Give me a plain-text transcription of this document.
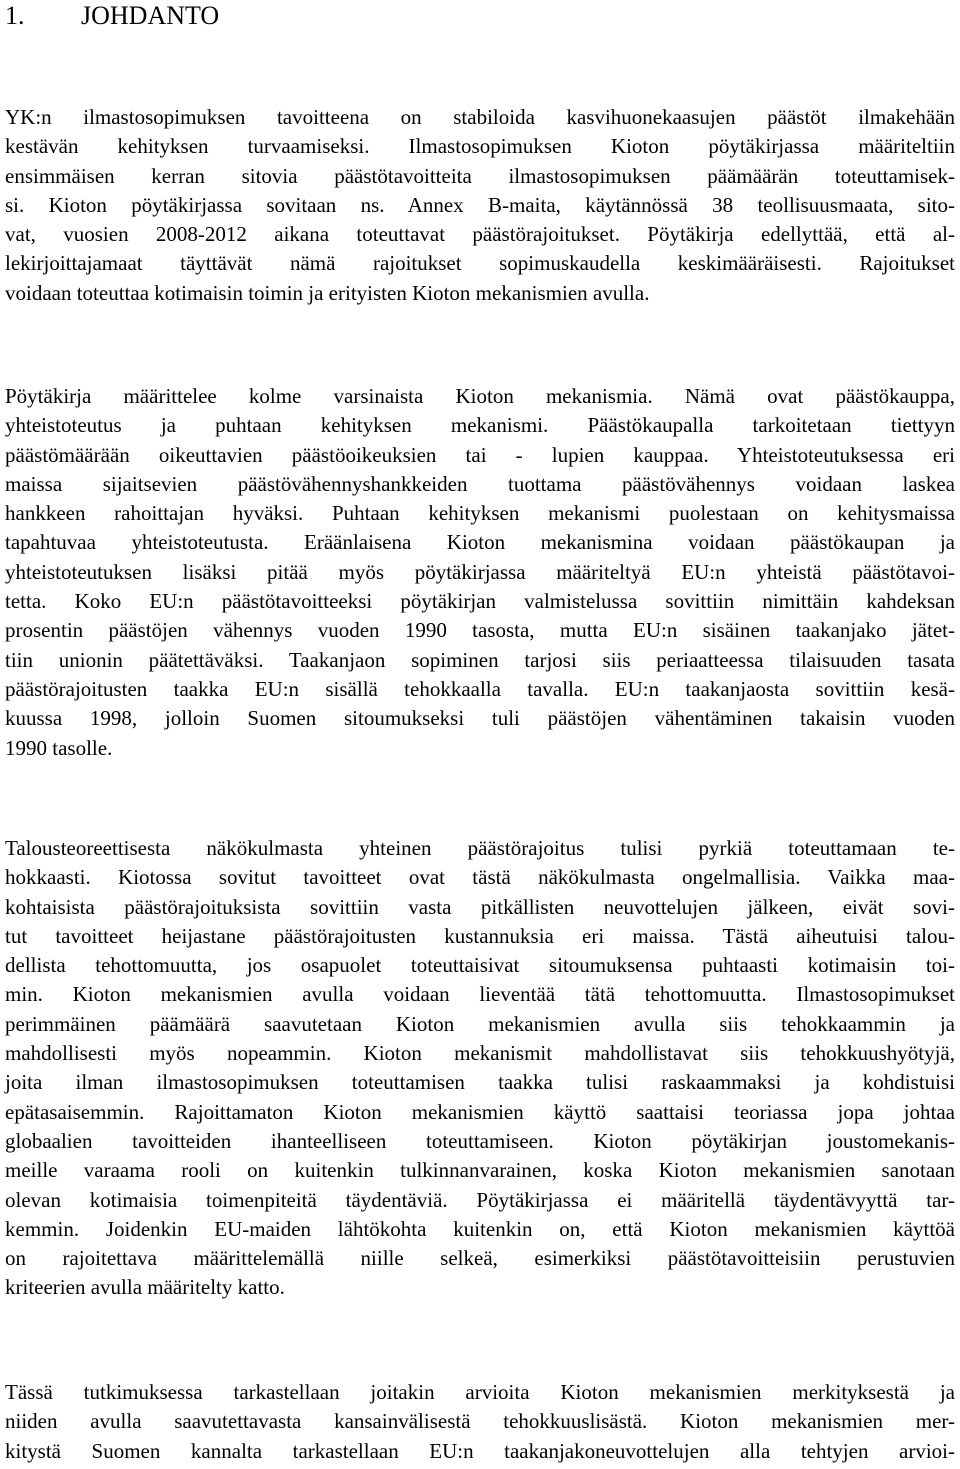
1. JOHDANTO
YK:n ilmastosopimuksen tavoitteena on stabiloida kasvihuonekaasujen päästöt ilmakehään
kestävän kehityksen turvaamiseksi. Ilmastosopimuksen Kioton pöytäkirjassa määriteltiin
ensimmäisen kerran sitovia päästötavoitteita ilmastosopimuksen päämäärän toteuttamisek-
si. Kioton pöytäkirjassa sovitaan ns. Annex B-maita, käytännössä 38 teollisuusmaata, sito-
vat, vuosien 2008-2012 aikana toteuttavat päästörajoitukset. Pöytäkirja edellyttää, että al-
lekirjoittajamaat täyttävät nämä rajoitukset sopimuskaudella keskimääräisesti. Rajoitukset
voidaan toteuttaa kotimaisin toimin ja erityisten Kioton mekanismien avulla.
Pöytäkirja määrittelee kolme varsinaista Kioton mekanismia. Nämä ovat päästökauppa,
yhteistoteutus ja puhtaan kehityksen mekanismi. Päästökaupalla tarkoitetaan tiettyyn
päästömäärään oikeuttavien päästöoikeuksien tai - lupien kauppaa. Yhteistoteutuksessa eri
maissa sijaitsevien päästövähennyshankkeiden tuottama päästövähennys voidaan laskea
hankkeen rahoittajan hyväksi. Puhtaan kehityksen mekanismi puolestaan on kehitysmaissa
tapahtuvaa yhteistoteutusta. Eräänlaisena Kioton mekanismina voidaan päästökaupan ja
yhteistoteutuksen lisäksi pitää myös pöytäkirjassa määriteltyä EU:n yhteistä päästötavoi-
tetta. Koko EU:n päästötavoitteeksi pöytäkirjan valmistelussa sovittiin nimittäin kahdeksan
prosentin päästöjen vähennys vuoden 1990 tasosta, mutta EU:n sisäinen taakanjako jätet-
tiin unionin päätettäväksi. Taakanjaon sopiminen tarjosi siis periaatteessa tilaisuuden tasata
päästörajoitusten taakka EU:n sisällä tehokkaalla tavalla. EU:n taakanjaosta sovittiin kesä-
kuussa 1998, jolloin Suomen sitoumukseksi tuli päästöjen vähentäminen takaisin vuoden
1990 tasolle.
Talousteoreettisesta näkökulmasta yhteinen päästörajoitus tulisi pyrkiä toteuttamaan te-
hokkaasti. Kiotossa sovitut tavoitteet ovat tästä näkökulmasta ongelmallisia. Vaikka maa-
kohtaisista päästörajoituksista sovittiin vasta pitkällisten neuvottelujen jälkeen, eivät sovi-
tut tavoitteet heijastane päästörajoitusten kustannuksia eri maissa. Tästä aiheutuisi talou-
dellista tehottomuutta, jos osapuolet toteuttaisivat sitoumuksensa puhtaasti kotimaisin toi-
min. Kioton mekanismien avulla voidaan lieventää tätä tehottomuutta. Ilmastosopimukset
perimmäinen päämäärä saavutetaan Kioton mekanismien avulla siis tehokkaammin ja
mahdollisesti myös nopeammin. Kioton mekanismit mahdollistavat siis tehokkuushyötyjä,
joita ilman ilmastosopimuksen toteuttamisen taakka tulisi raskaammaksi ja kohdistuisi
epätasaisemmin. Rajoittamaton Kioton mekanismien käyttö saattaisi teoriassa jopa johtaa
globaalien tavoitteiden ihanteelliseen toteuttamiseen. Kioton pöytäkirjan joustomekanis-
meille varaama rooli on kuitenkin tulkinnanvarainen, koska Kioton mekanismien sanotaan
olevan kotimaisia toimenpiteitä täydentäviä. Pöytäkirjassa ei määritellä täydentävyyttä tar-
kemmin. Joidenkin EU-maiden lähtökohta kuitenkin on, että Kioton mekanismien käyttöä
on rajoitettava määrittelemällä niille selkeä, esimerkiksi päästötavoitteisiin perustuvien
kriteerien avulla määritelty katto.
Tässä tutkimuksessa tarkastellaan joitakin arvioita Kioton mekanismien merkityksestä ja
niiden avulla saavutettavasta kansainvälisestä tehokkuuslisästä. Kioton mekanismien mer-
kitystä Suomen kannalta tarkastellaan EU:n taakanjakoneuvottelujen alla tehtyjen arvioi-
